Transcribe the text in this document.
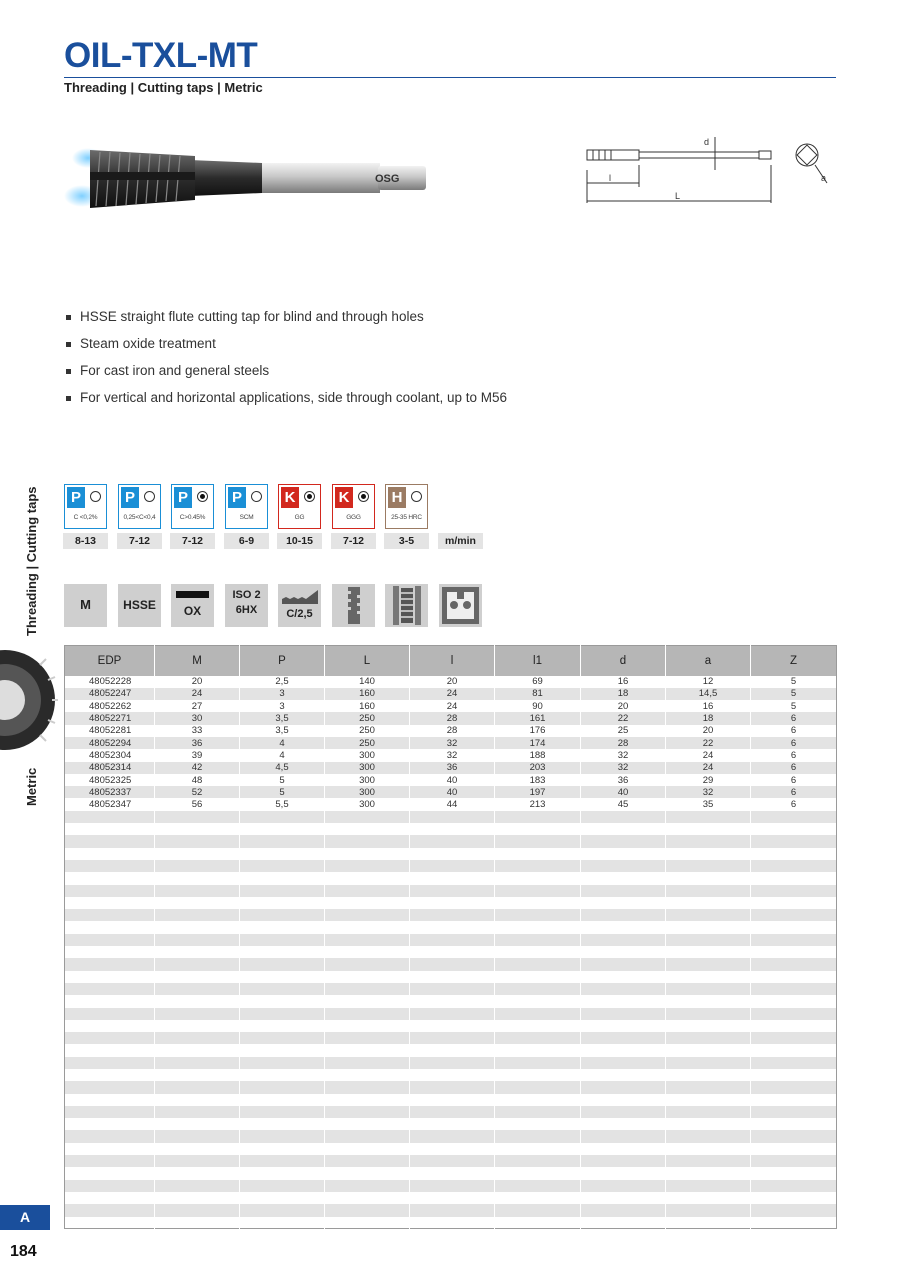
OIL-TXL-MT
Threading | Cutting taps | Metric
OSG
d
l
L
a
HSSE straight flute cutting tap for blind and through holes
Steam oxide treatment
For cast iron and general steels
For vertical and horizontal applications, side through coolant, up to M56
Threading | Cutting taps
Metric
P
C <0,2%
8-13
P
0,25<C<0,4
7-12
P
C>0.45%
7-12
P
SCM
6-9
K
GG
10-15
K
GGG
7-12
H
25-35 HRC
3-5	m/min
M	HSSE	OX
ISO 2
6HX	C/2,5
EDP	M	P	L	l	l1	d	a	Z
48052228	20	2,5	140	20	69	16	12	5
48052247	24	3	160	24	81	18	14,5	5
48052262	27	3	160	24	90	20	16	5
48052271	30	3,5	250	28	161	22	18	6
48052281	33	3,5	250	28	176	25	20	6
48052294	36	4	250	32	174	28	22	6
48052304	39	4	300	32	188	32	24	6
48052314	42	4,5	300	36	203	32	24	6
48052325	48	5	300	40	183	36	29	6
48052337	52	5	300	40	197	40	32	6
48052347	56	5,5	300	44	213	45	35	6

A
184
